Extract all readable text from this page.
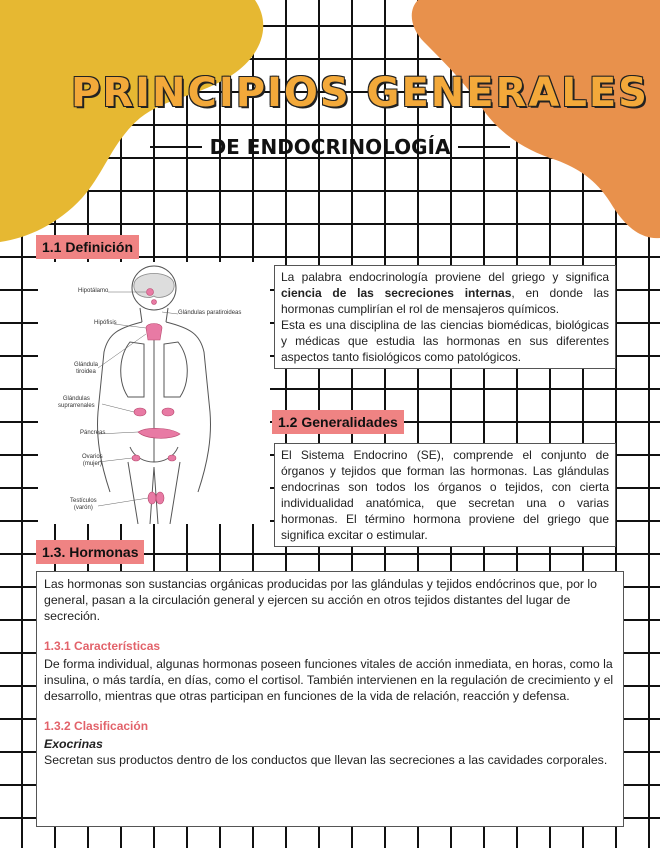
PRINCIPIOS GENERALES
DE ENDOCRINOLOGÍA
1.1 Definición
Hipotálamo
Glándulas paratiroideas
Hipófisis
Glándula
tiroidea
Glándulas
suprarrenales
Páncreas
Ovarios
(mujer)
Testículos
(varón)

La palabra endocrinología proviene del griego y significa ciencia de las secreciones internas, en donde las hormonas cumplirían el rol de mensajeros químicos.

Esta es una disciplina de las ciencias biomédicas, biológicas y médicas que estudia las hormonas en sus diferentes aspectos tanto fisiológicos como patológicos.

1.2 Generalidades

El Sistema Endocrino (SE), comprende el conjunto de órganos y tejidos que forman las hormonas. Las glándulas endocrinas son todos los órganos o tejidos, con cierta individualidad anatómica, que secretan una o varias hormonas. El término hormona proviene del griego que significa excitar o estimular.

1.3. Hormonas

Las hormonas son sustancias orgánicas producidas por las glándulas y tejidos endócrinos que, por lo general, pasan a la circulación general y ejercen su acción en otros tejidos distantes del lugar de secreción.

1.3.1 Características

De forma individual, algunas hormonas poseen funciones vitales de acción inmediata, en horas, como la insulina, o más tardía, en días, como el cortisol. También intervienen en la regulación de crecimiento y el desarrollo, mientras que otras participan en funciones de la vida de relación, reacción y defensa.

1.3.2 Clasificación

Exocrinas

Secretan sus productos dentro de los conductos que llevan las secreciones a las cavidades corporales.
